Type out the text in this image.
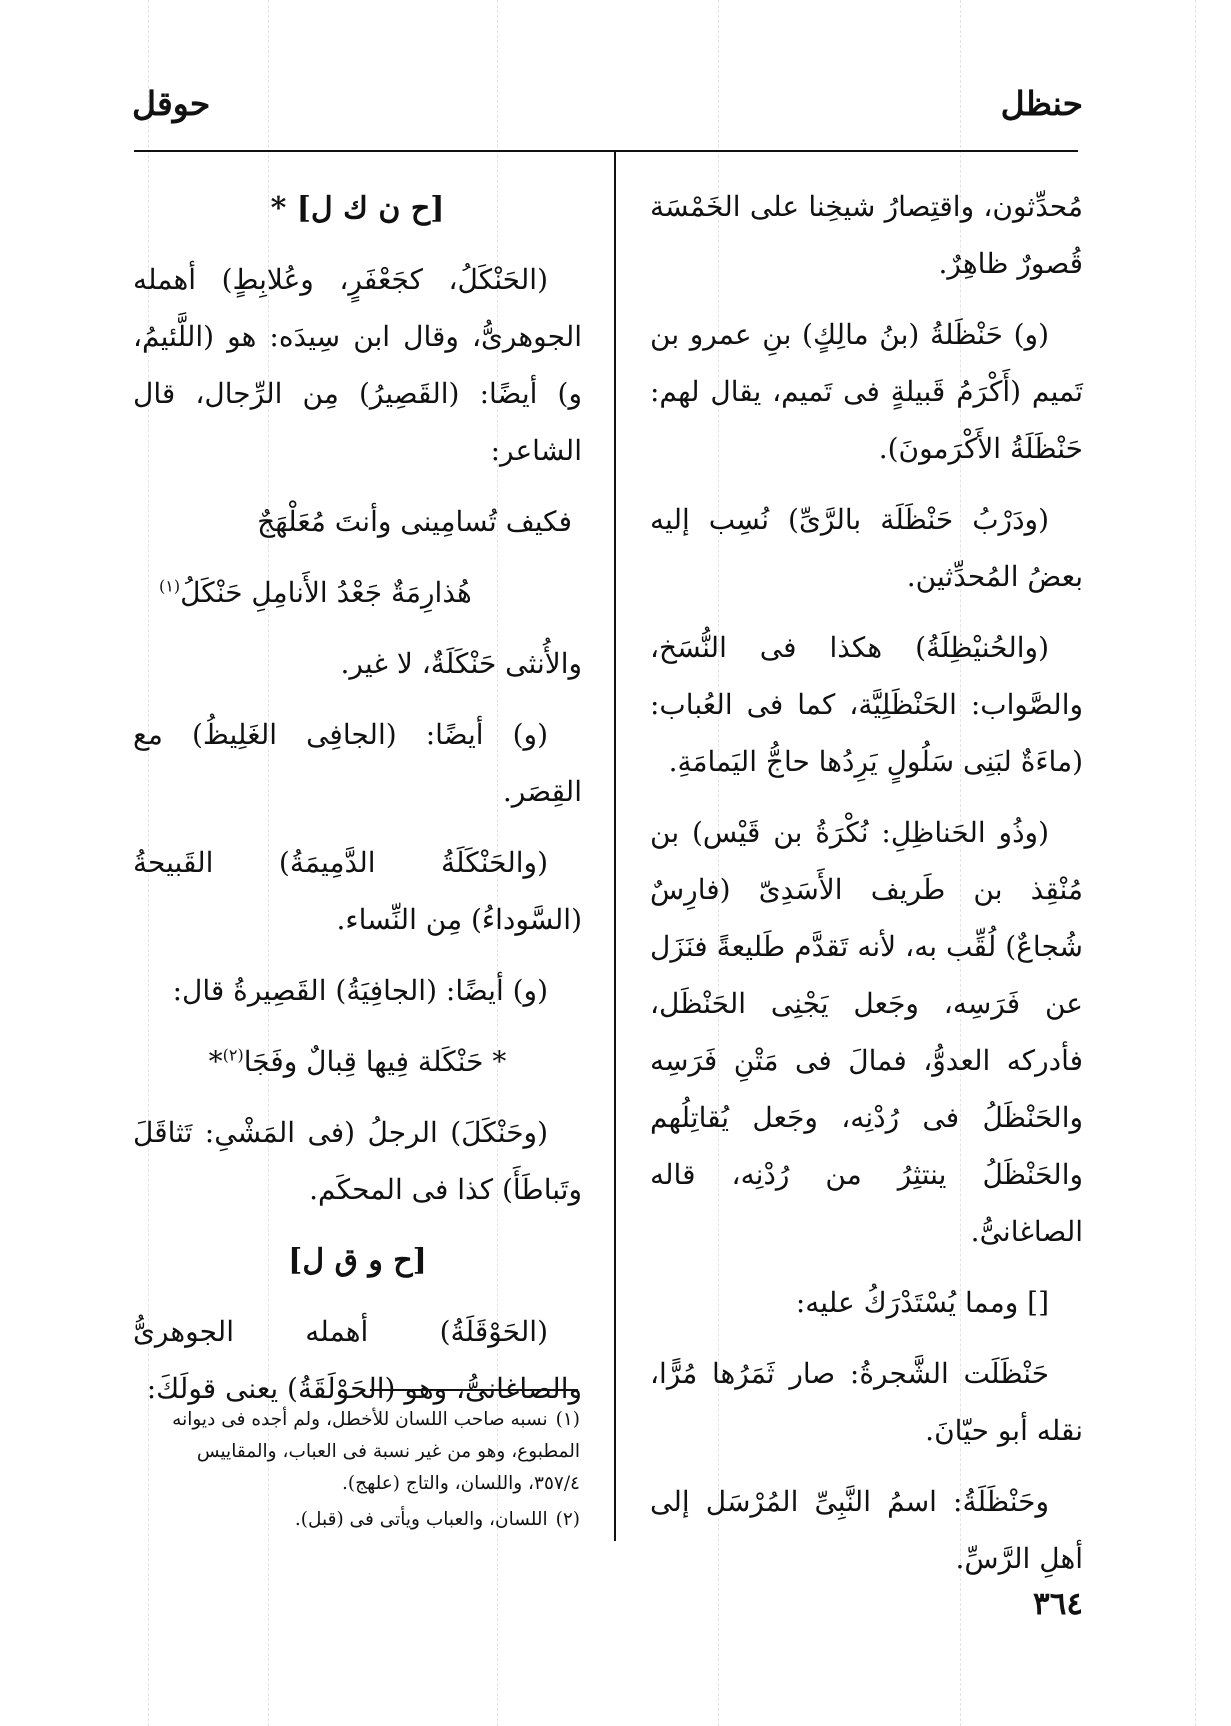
حنظل
حوقل

مُحدِّثون، واقتِصارُ شيخِنا على الخَمْسَة قُصورٌ ظاهِرٌ.

(و) حَنْظَلةُ (بنُ مالِكٍ) بنِ عمرو بن تَميم (أَكْرَمُ قَبيلةٍ فى تَميم، يقال لهم: حَنْظَلَةُ الأَكْرَمونَ).

(ودَرْبُ حَنْظَلَة بالرَّىِّ) نُسِب إليه بعضُ المُحدِّثين.

(والحُنيْظِلَةُ) هكذا فى النُّسَخ، والصَّواب: الحَنْظَلِيَّة، كما فى العُباب: (ماءَةٌ لبَنِى سَلُولٍ يَرِدُها حاجُّ اليَمامَةِ.

(وذُو الحَناظِلِ: نُكْرَةُ بن قَيْس) بن مُنْقِذ بن طَريف الأَسَدِىّ (فارِسٌ شُجاعٌ) لُقِّب به، لأنه تَقدَّم طَليعةً فنَزَل عن فَرَسِه، وجَعل يَجْنِى الحَنْظَل، فأدركه العدوُّ، فمالَ فى مَتْنِ فَرَسِه والحَنْظَلُ فى رُدْنِه، وجَعل يُقاتِلُهم والحَنْظَلُ ينتثِرُ من رُدْنِه، قاله الصاغانىُّ.

[] ومما يُسْتَدْرَكُ عليه:

حَنْظَلَت الشَّجرةُ: صار ثَمَرُها مُرًّا، نقله أبو حيّانَ.

وحَنْظَلَةُ: اسمُ النَّبِىِّ المُرْسَل إلى أهلِ الرَّسِّ.

[ح ن ك ل] *

(الحَنْكَلُ، كجَعْفَرٍ، وعُلابِطٍ) أهمله الجوهرىُّ، وقال ابن سِيدَه: هو (اللَّئيمُ، و) أيضًا: (القَصِيرُ) مِن الرِّجال، قال الشاعر:

فكيف تُسامِينى وأنتَ مُعَلْهَجٌ

هُذارِمَةٌ جَعْدُ الأَنامِلِ حَنْكَلُ$^{(١)}$

والأُنثى حَنْكَلَةٌ، لا غير.

(و) أيضًا: (الجافِى الغَلِيظُ) مع القِصَر.

(والحَنْكَلَةُ الدَّمِيمَةُ) القَبيحةُ (السَّوداءُ) مِن النِّساء.

(و) أيضًا: (الجافِيَةُ) القَصِيرةُ قال:

* حَنْكَلة فِيها قِبالٌ وفَجَا$^{(٢)}$*

(وحَنْكَلَ) الرجلُ (فى المَشْىِ: تَثاقَلَ وتَباطَأَ) كذا فى المحكَم.

[ح و ق ل]

(الحَوْقَلَةُ) أهمله الجوهرىُّ والصاغانىُّ، وهو (الحَوْلَقَةُ) يعنى قولَكَ:

(١)نسبه صاحب اللسان للأخطل، ولم أجده فى ديوانه المطبوع، وهو من غير نسبة فى العباب، والمقاييس ٣٥٧/٤، واللسان، والتاج (علهج).

(٢)اللسان، والعباب ويأتى فى (قبل).

٣٦٤
